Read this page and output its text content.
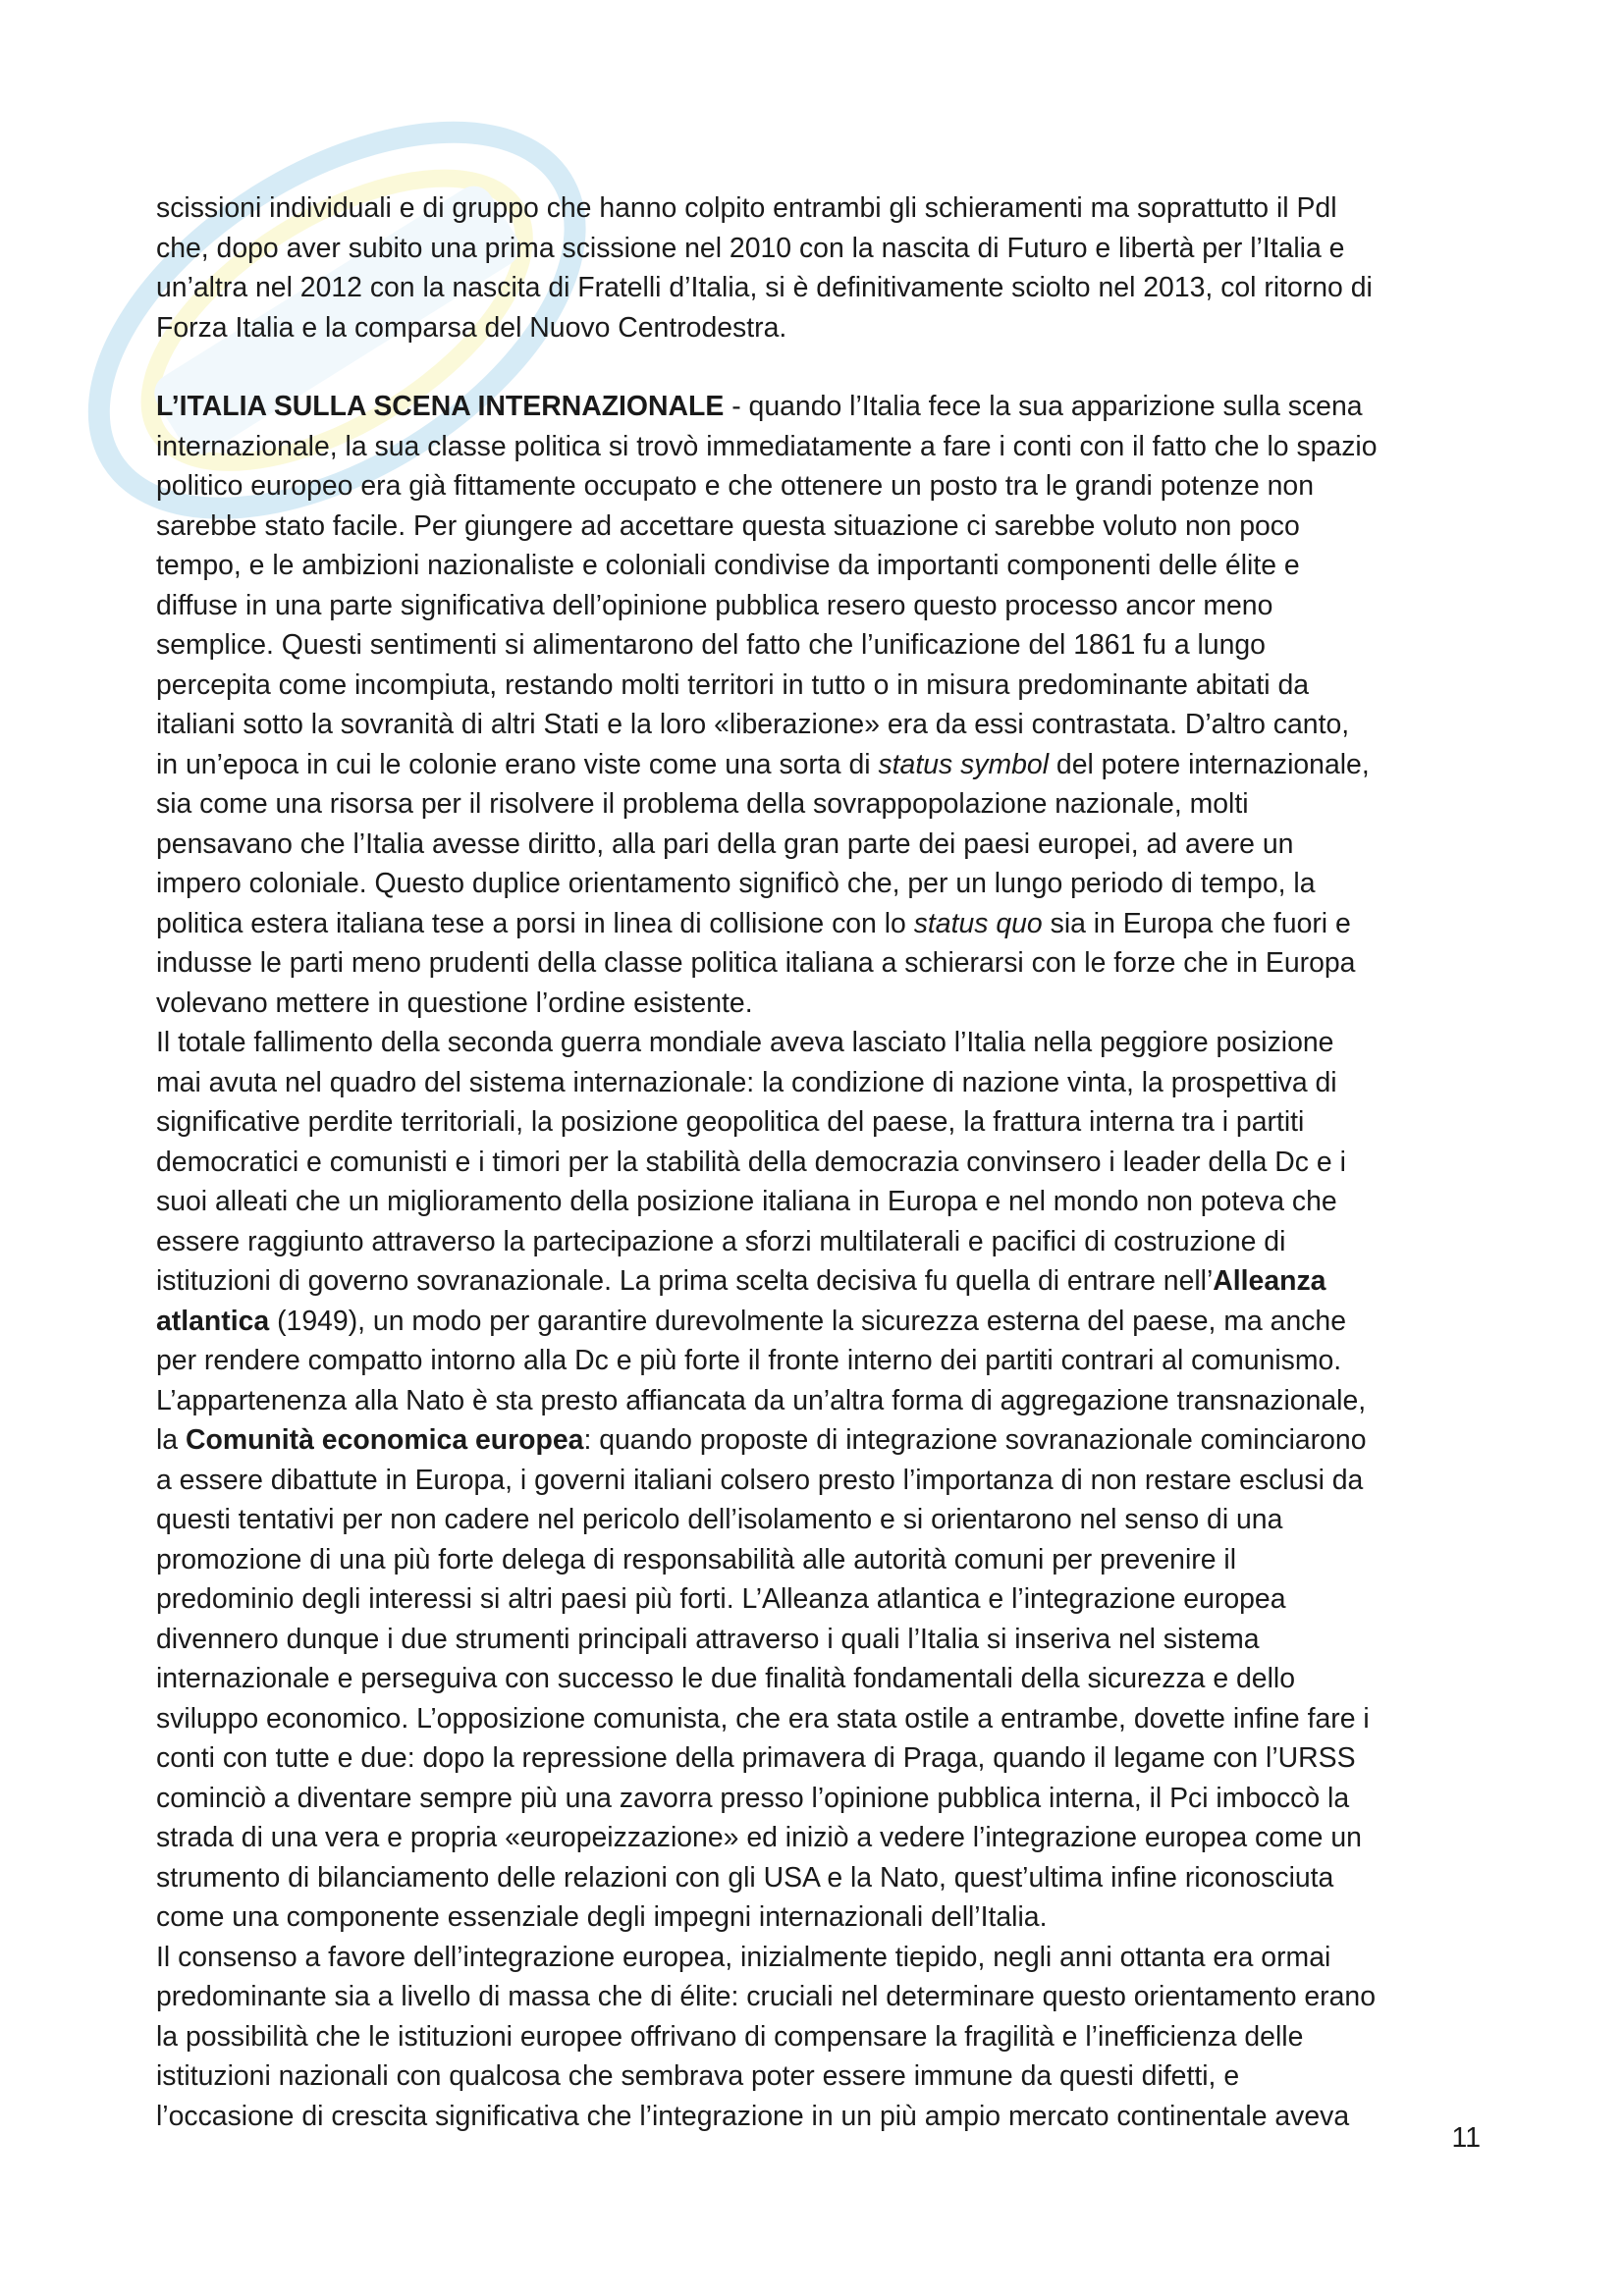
scissioni individuali e di gruppo che hanno colpito entrambi gli schieramenti ma soprattutto il Pdl
che, dopo aver subito una prima scissione nel 2010 con la nascita di Futuro e libertà per l’Italia e
un’altra nel 2012 con la nascita di Fratelli d’Italia, si è definitivamente sciolto nel 2013, col ritorno di
Forza Italia e la comparsa del Nuovo Centrodestra.

L’ITALIA SULLA SCENA INTERNAZIONALE - quando l’Italia fece la sua apparizione sulla scena
internazionale, la sua classe politica si trovò immediatamente a fare i conti con il fatto che lo spazio
politico europeo era già fittamente occupato e che ottenere un posto tra le grandi potenze non
sarebbe stato facile. Per giungere ad accettare questa situazione ci sarebbe voluto non poco
tempo, e le ambizioni nazionaliste e coloniali condivise da importanti componenti delle élite e
diffuse in una parte significativa dell’opinione pubblica resero questo processo ancor meno
semplice. Questi sentimenti si alimentarono del fatto che l’unificazione del 1861 fu a lungo
percepita come incompiuta, restando molti territori in tutto o in misura predominante abitati da
italiani sotto la sovranità di altri Stati e la loro «liberazione» era da essi contrastata. D’altro canto,
in un’epoca in cui le colonie erano viste come una sorta di status symbol del potere internazionale,
sia come una risorsa per il risolvere il problema della sovrappopolazione nazionale, molti
pensavano che l’Italia avesse diritto, alla pari della gran parte dei paesi europei, ad avere un
impero coloniale. Questo duplice orientamento significò che, per un lungo periodo di tempo, la
politica estera italiana tese a porsi in linea di collisione con lo status quo sia in Europa che fuori e
indusse le parti meno prudenti della classe politica italiana a schierarsi con le forze che in Europa
volevano mettere in questione l’ordine esistente.

Il totale fallimento della seconda guerra mondiale aveva lasciato l’Italia nella peggiore posizione
mai avuta nel quadro del sistema internazionale: la condizione di nazione vinta, la prospettiva di
significative perdite territoriali, la posizione geopolitica del paese, la frattura interna tra i partiti
democratici e comunisti e i timori per la stabilità della democrazia convinsero i leader della Dc e i
suoi alleati che un miglioramento della posizione italiana in Europa e nel mondo non poteva che
essere raggiunto attraverso la partecipazione a sforzi multilaterali e pacifici di costruzione di
istituzioni di governo sovranazionale. La prima scelta decisiva fu quella di entrare nell’Alleanza
atlantica (1949), un modo per garantire durevolmente la sicurezza esterna del paese, ma anche
per rendere compatto intorno alla Dc e più forte il fronte interno dei partiti contrari al comunismo.
L’appartenenza alla Nato è sta presto affiancata da un’altra forma di aggregazione transnazionale,
la Comunità economica europea: quando proposte di integrazione sovranazionale cominciarono
a essere dibattute in Europa, i governi italiani colsero presto l’importanza di non restare esclusi da
questi tentativi per non cadere nel pericolo dell’isolamento e si orientarono nel senso di una
promozione di una più forte delega di responsabilità alle autorità comuni per prevenire il
predominio degli interessi si altri paesi più forti. L’Alleanza atlantica e l’integrazione europea
divennero dunque i due strumenti principali attraverso i quali l’Italia si inseriva nel sistema
internazionale e perseguiva con successo le due finalità fondamentali della sicurezza e dello
sviluppo economico. L’opposizione comunista, che era stata ostile a entrambe, dovette infine fare i
conti con tutte e due: dopo la repressione della primavera di Praga, quando il legame con l’URSS
cominciò a diventare sempre più una zavorra presso l’opinione pubblica interna, il Pci imboccò la
strada di una vera e propria «europeizzazione» ed iniziò a vedere l’integrazione europea come un
strumento di bilanciamento delle relazioni con gli USA e la Nato, quest’ultima infine riconosciuta
come una componente essenziale degli impegni internazionali dell’Italia.

Il consenso a favore dell’integrazione europea, inizialmente tiepido, negli anni ottanta era ormai
predominante sia a livello di massa che di élite: cruciali nel determinare questo orientamento erano
la possibilità che le istituzioni europee offrivano di compensare la fragilità e l’inefficienza delle
istituzioni nazionali con qualcosa che sembrava poter essere immune da questi difetti, e
l’occasione di crescita significativa che l’integrazione in un più ampio mercato continentale aveva

11
